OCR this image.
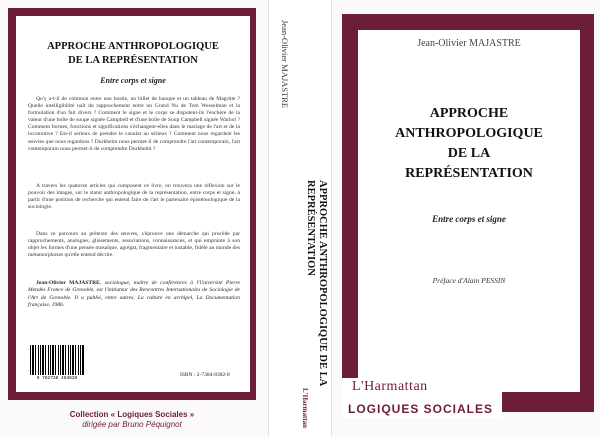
APPROCHE ANTHROPOLOGIQUE
DE LA REPRÉSENTATION
Entre corps et signe
Qu'y a-t-il de commun entre une hostie, un billet de banque et un tableau de Magritte ? Quelle intelligibilité naît du rapprochement entre un Grand Nu de Tom Wesselman et la formulation d'un fait divers ? Comment le signe et le corps se disputent-ils l'enchère de la valeur d'une boîte de soupe signée Campbell et d'une boîte de Soup Campbell signée Warhol ? Comment formes, fonctions et significations s'échangent-elles dans le mariage de l'art et de la locomotive ? Est-il sérieux de prendre le canular au sérieux ? Comment nous regardent les œuvres que nous regardons ? Durkheim nous permet-il de comprendre l'art contemporain, l'art contemporain nous permet-il de comprendre Durkheim ?
A travers les quatorze articles qui composent ce livre, on trouvera une réflexion sur le pouvoir des images, sur le statut anthropologique de la représentation, entre corps et signe, à partir d'une position de recherche qui entend faire de l'art le partenaire épistémologique de la sociologie.
Dans ce parcours au prétexte des œuvres, s'éprouve une démarche qui procède par rapprochements, analogies, glissements, associations, connaissances, et qui emprunte à son objet les formes d'une pensée mosaïque, agrégat, fragmentaire et instable, fidèle au monde des métamorphoses qu'elle entend décrire.
Jean-Olivier MAJASTRE, sociologue, maître de conférences à l'Université Pierre Mendès France de Grenoble, est l'initiateur des Rencontres Internationales de Sociologie de l'Art de Grenoble. Il a publié, entre autres, La culture en archipel, La Documentation française, 1986.
9 782738 483829
ISBN : 2-7384-8382-8
Collection « Logiques Sociales »
dirigée par Bruno Péquignot
Jean-Olivier MAJASTRE
APPROCHE ANTHROPOLOGIQUE DE LA REPRÉSENTATION
L'Harmattan
Jean-Olivier MAJASTRE
APPROCHE
ANTHROPOLOGIQUE
DE LA
REPRÉSENTATION
Entre corps et signe
Préface d'Alain PESSIN
L'Harmattan
LOGIQUES SOCIALES
